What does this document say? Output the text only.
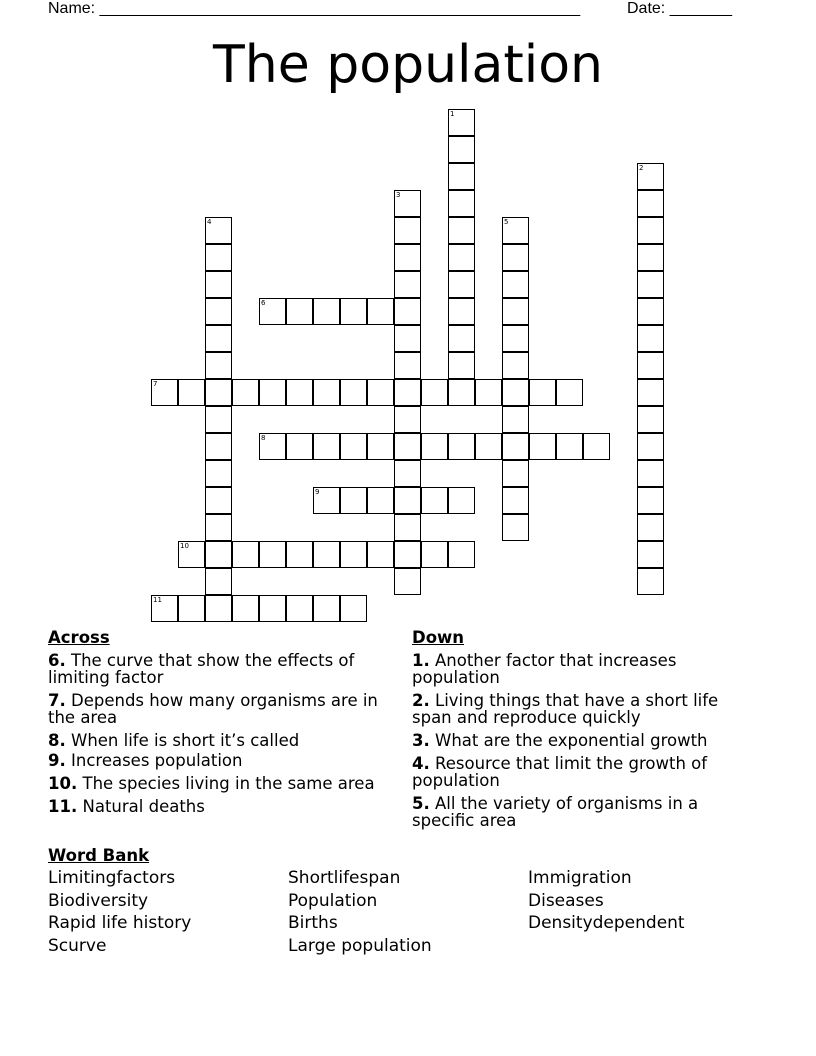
Name: ______________________________________________________	Date: _______
The population
1
2
3
4	5
6
7
8
9
10
11
Across
6. The curve that show the effects of limiting factor
7. Depends how many organisms are in the area
8. When life is short it’s called
9. Increases population
10. The species living in the same area
11. Natural deaths
Down
1. Another factor that increases population
2. Living things that have a short life span and reproduce quickly
3. What are the exponential growth
4. Resource that limit the growth of population
5. All the variety of organisms in a specific area
Word Bank
Limitingfactors	Shortlifespan	Immigration
Biodiversity	Population	Diseases
Rapid life history	Births	Densitydependent
Scurve	Large population
